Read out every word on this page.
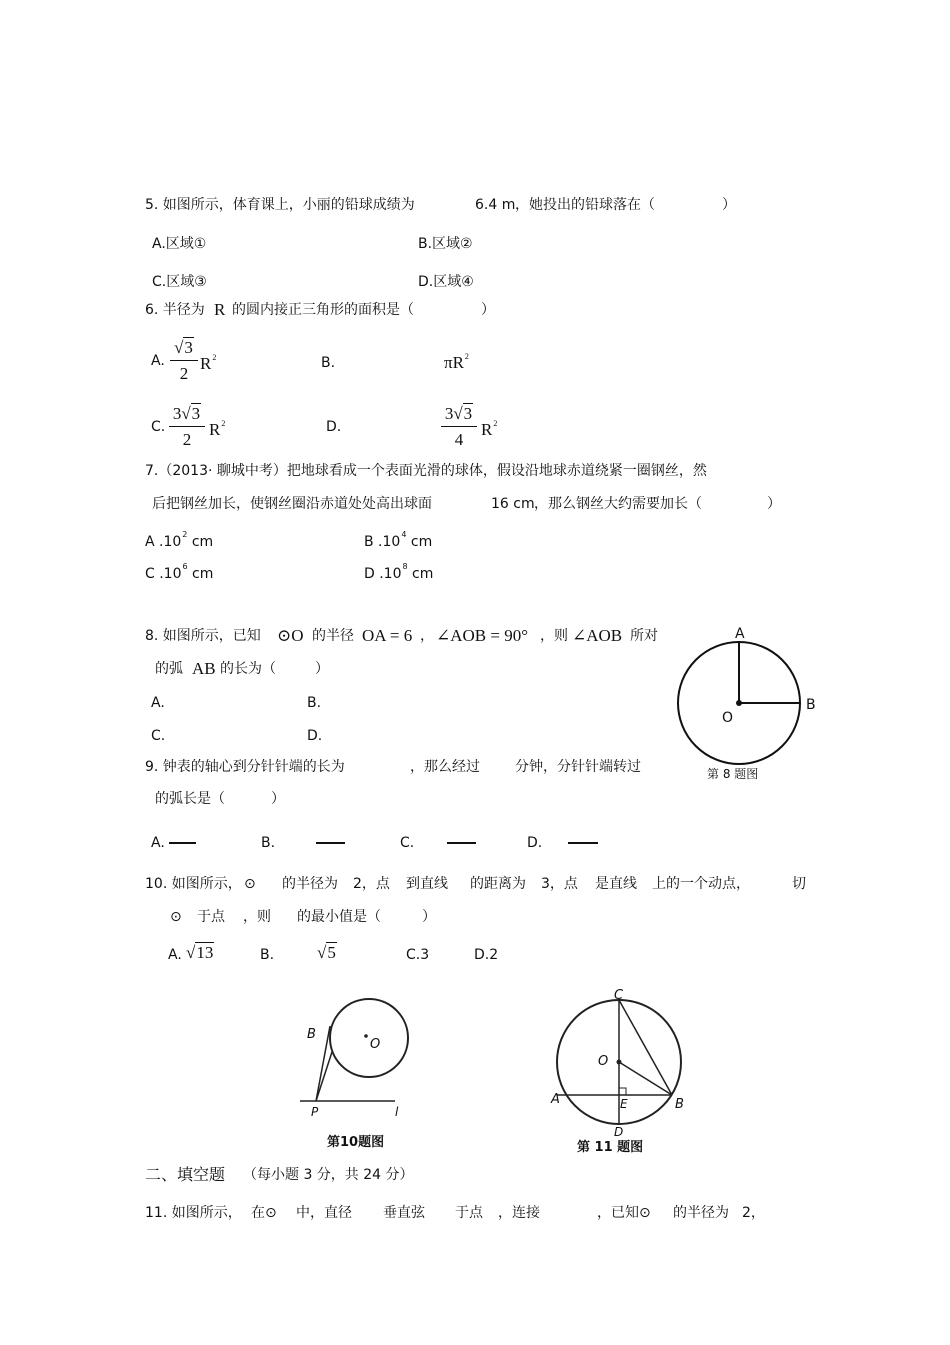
5. 如图所示，体育课上，小丽的铅球成绩为	6.4 m ，她投出的铅球落在（	）
A.区域①	B.区域②
C.区域③	D.区域④
6. 半径为 R 的圆内接正三角形的面积是（	）
A. $\frac{√3}{2} R^2$	B.	$\pi R^2$
C. $\frac{3√3}{2} R^2$	D.	$\frac{3√3}{4} R^2$
7.（2013· 聊城中考）把地球看成一个表面光滑的球体，假设沿地球赤道绕紧一圈钢丝，然
后把钢丝加长，使钢丝圈沿赤道处处高出球面	16 cm ，那么钢丝大约需要加长（	）
A $.10^2$ cm	B $.10^4$ cm
C $.10^6$ cm	D $.10^8$ cm
8. 如图所示，已知 ⊙O 的半径 OA = 6 ， ∠AOB = 90° ，则 ∠AOB 所对
的弧 AB 的长为（	）
A.	B.
C.	D.
A
B
O
第 8 题图
9. 钟表的轴心到分针针端的长为	，那么经过	分钟，分针针端转过
的弧长是（	）
A.	B.	C.	D.
10. 如图所示， ⊙ 的半径为 2，点 到直线 的距离为 3，点 是直线 上的一个动点，	切
⊙ 于点 ，则 的最小值是（	）
A. √13	B.	√5	C.3	D.2
B
O
P	l
第10题图
C
O
A	E	B
D
第 11 题图
二、填空题 （每小题 3 分，共 24 分）
11. 如图所示， 在⊙ 中，直径 垂直弦 于点 ，连接	，已知⊙ 的半径为 2，
